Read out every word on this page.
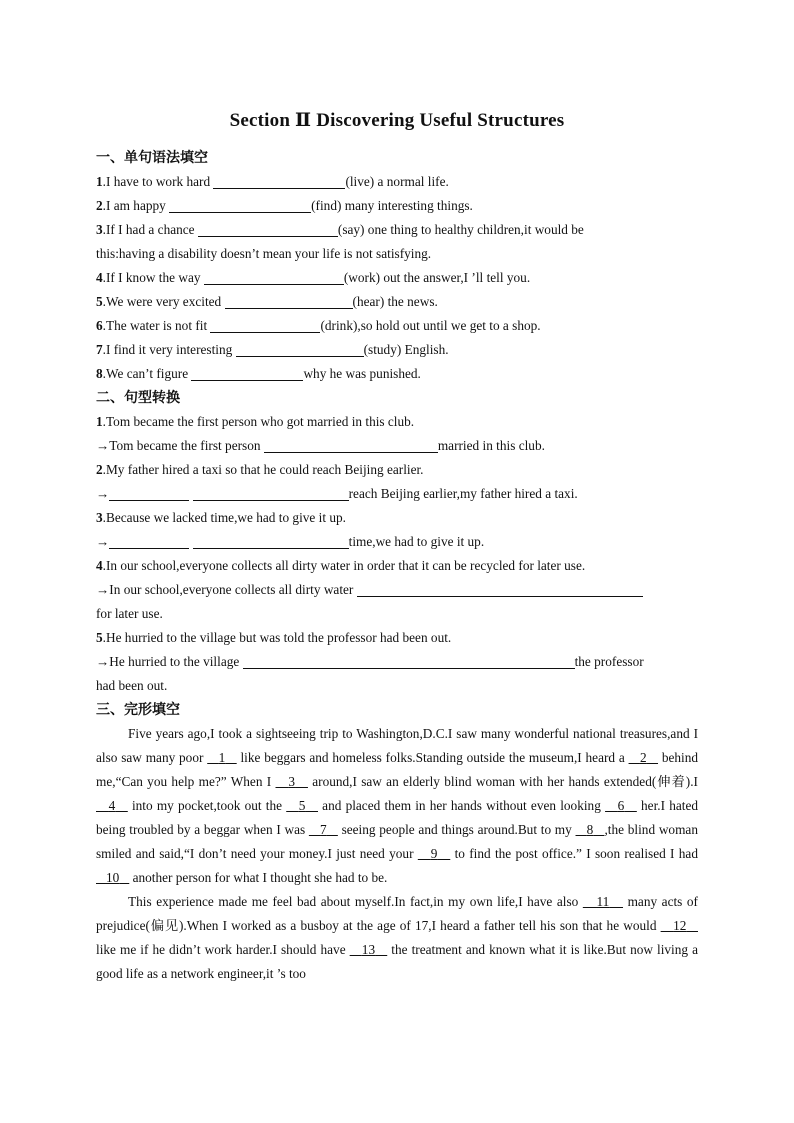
Section Ⅱ Discovering Useful Structures
一、单句语法填空
1.I have to work hard	(live) a normal life.
2.I am happy	(find) many interesting things.
3.If I had a chance	(say) one thing to healthy children,it would be
this:having a disability doesn’t mean your life is not satisfying.
4.If I know the way	(work) out the answer,I ’ll tell you.
5.We were very excited	(hear) the news.
6.The water is not fit	(drink),so hold out until we get to a shop.
7.I find it very interesting	(study) English.
8.We can’t figure	why he was punished.
二、句型转换
1.Tom became the first person who got married in this club.
→Tom became the first person	married in this club.
2.My father hired a taxi so that he could reach Beijing earlier.
→	reach Beijing earlier,my father hired a taxi.
3.Because we lacked time,we had to give it up.
→	time,we had to give it up.
4.In our school,everyone collects all dirty water in order that it can be recycled for later use.
→In our school,everyone collects all dirty water
for later use.
5.He hurried to the village but was told the professor had been out.
→He hurried to the village	the professor
had been out.
三、完形填空
Five years ago,I took a sightseeing trip to Washington,D.C.I saw many wonderful national treasures,and I also saw many poor    1    like beggars and homeless folks.Standing outside the museum,I heard a    2    behind me,“Can you help me?” When I    3    around,I saw an elderly blind woman with her hands extended(伸着).I    4    into my pocket,took out the    5    and placed them in her hands without even looking    6    her.I hated being troubled by a beggar when I was    7    seeing people and things around.But to my    8 ,the blind woman smiled and said,“I don’t need your money.I just need your    9    to find the post office.” I soon realised I had    10    another person for what I thought she had to be.
This experience made me feel bad about myself.In fact,in my own life,I have also    11    many acts of prejudice(偏见).When I worked as a busboy at the age of 17,I heard a father tell his son that he would    12    like me if he didn’t work harder.I should have    13    the treatment and known what it is like.But now living a good life as a network engineer,it ’s too
